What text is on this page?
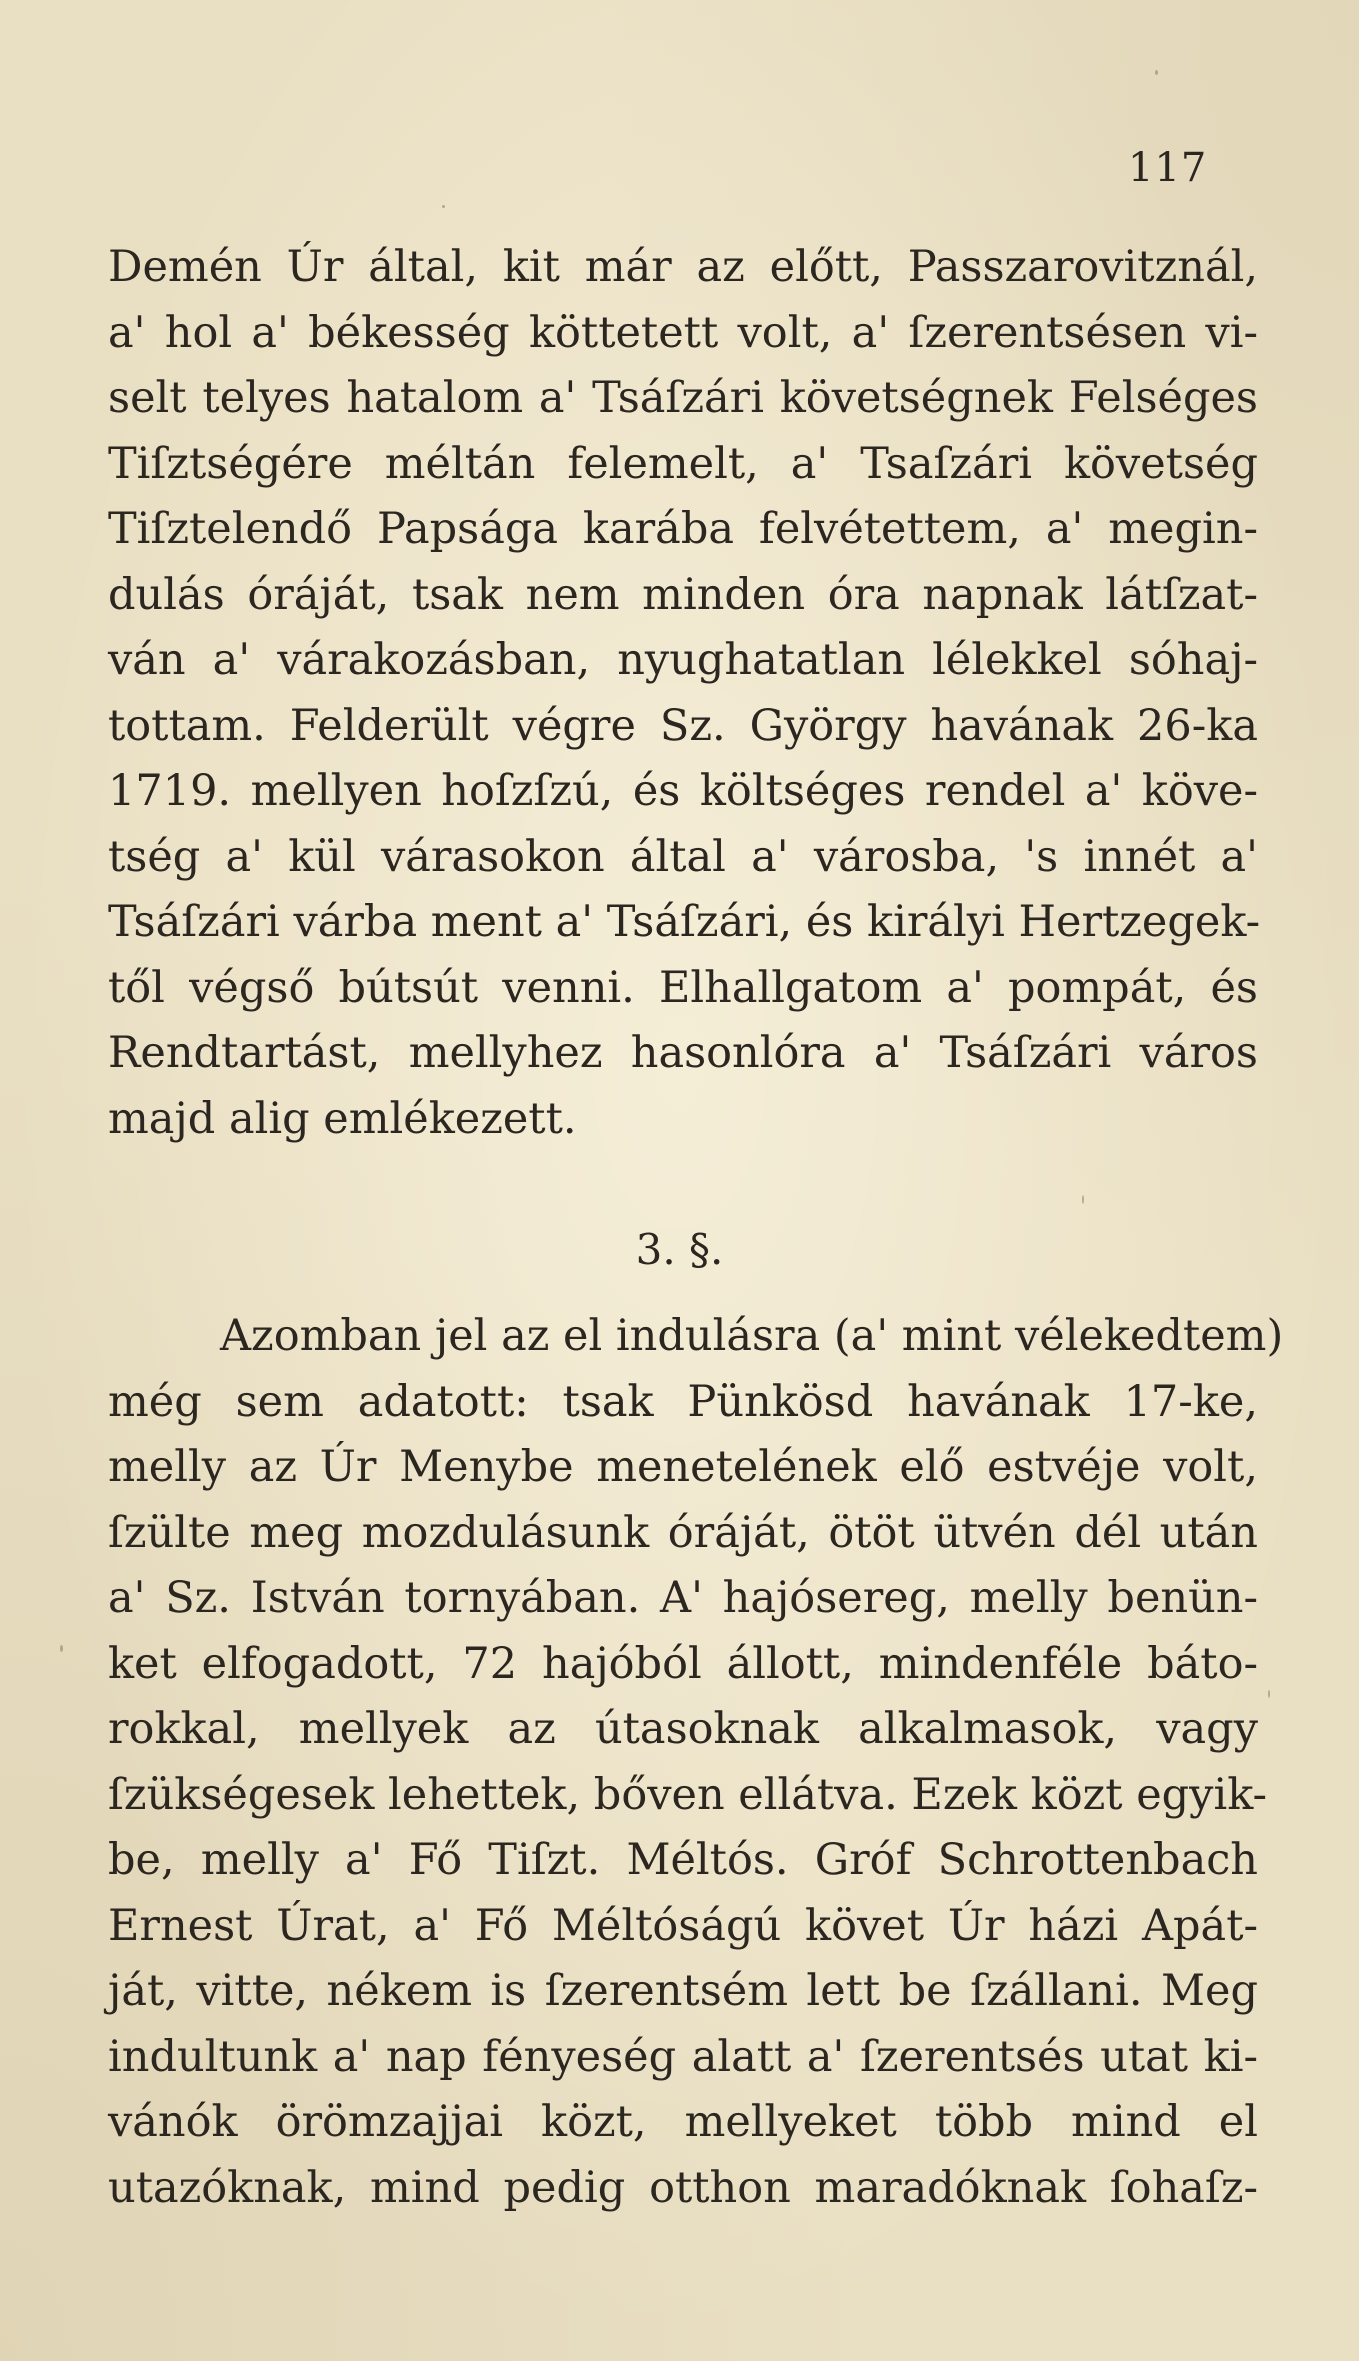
117
Demén Úr által, kit már az előtt, Passzarovitznál,
a' hol a' békesség köttetett volt, a' ſzerentsésen vi-
selt telyes hatalom a' Tsáſzári követségnek Felséges
Tiſztségére méltán felemelt, a' Tsaſzári követség
Tiſztelendő Papsága karába felvétettem, a' megin-
dulás óráját, tsak nem minden óra napnak látſzat-
ván a' várakozásban, nyughatatlan lélekkel sóhaj-
tottam. Felderült végre Sz. György havának 26-ka
1719. mellyen hoſzſzú, és költséges rendel a' köve-
tség a' kül várasokon által a' városba, 's innét a'
Tsáſzári várba ment a' Tsáſzári, és királyi Hertzegek-
től végső bútsút venni. Elhallgatom a' pompát, és
Rendtartást, mellyhez hasonlóra a' Tsáſzári város
majd alig emlékezett.
3. §.
Azomban jel az el indulásra (a' mint vélekedtem)
még sem adatott: tsak Pünkösd havának 17-ke,
melly az Úr Menybe menetelének elő estvéje volt,
ſzülte meg mozdulásunk óráját, ötöt ütvén dél után
a' Sz. István tornyában. A' hajósereg, melly benün-
ket elfogadott, 72 hajóból állott, mindenféle báto-
rokkal, mellyek az útasoknak alkalmasok, vagy
ſzükségesek lehettek, bőven ellátva. Ezek közt egyik-
be, melly a' Fő Tiſzt. Méltós. Gróf Schrottenbach
Ernest Úrat, a' Fő Méltóságú követ Úr házi Apát-
ját, vitte, nékem is ſzerentsém lett be ſzállani. Meg
indultunk a' nap fényeség alatt a' ſzerentsés utat ki-
vánók örömzajjai közt, mellyeket több mind el
utazóknak, mind pedig otthon maradóknak ſohaſz-
